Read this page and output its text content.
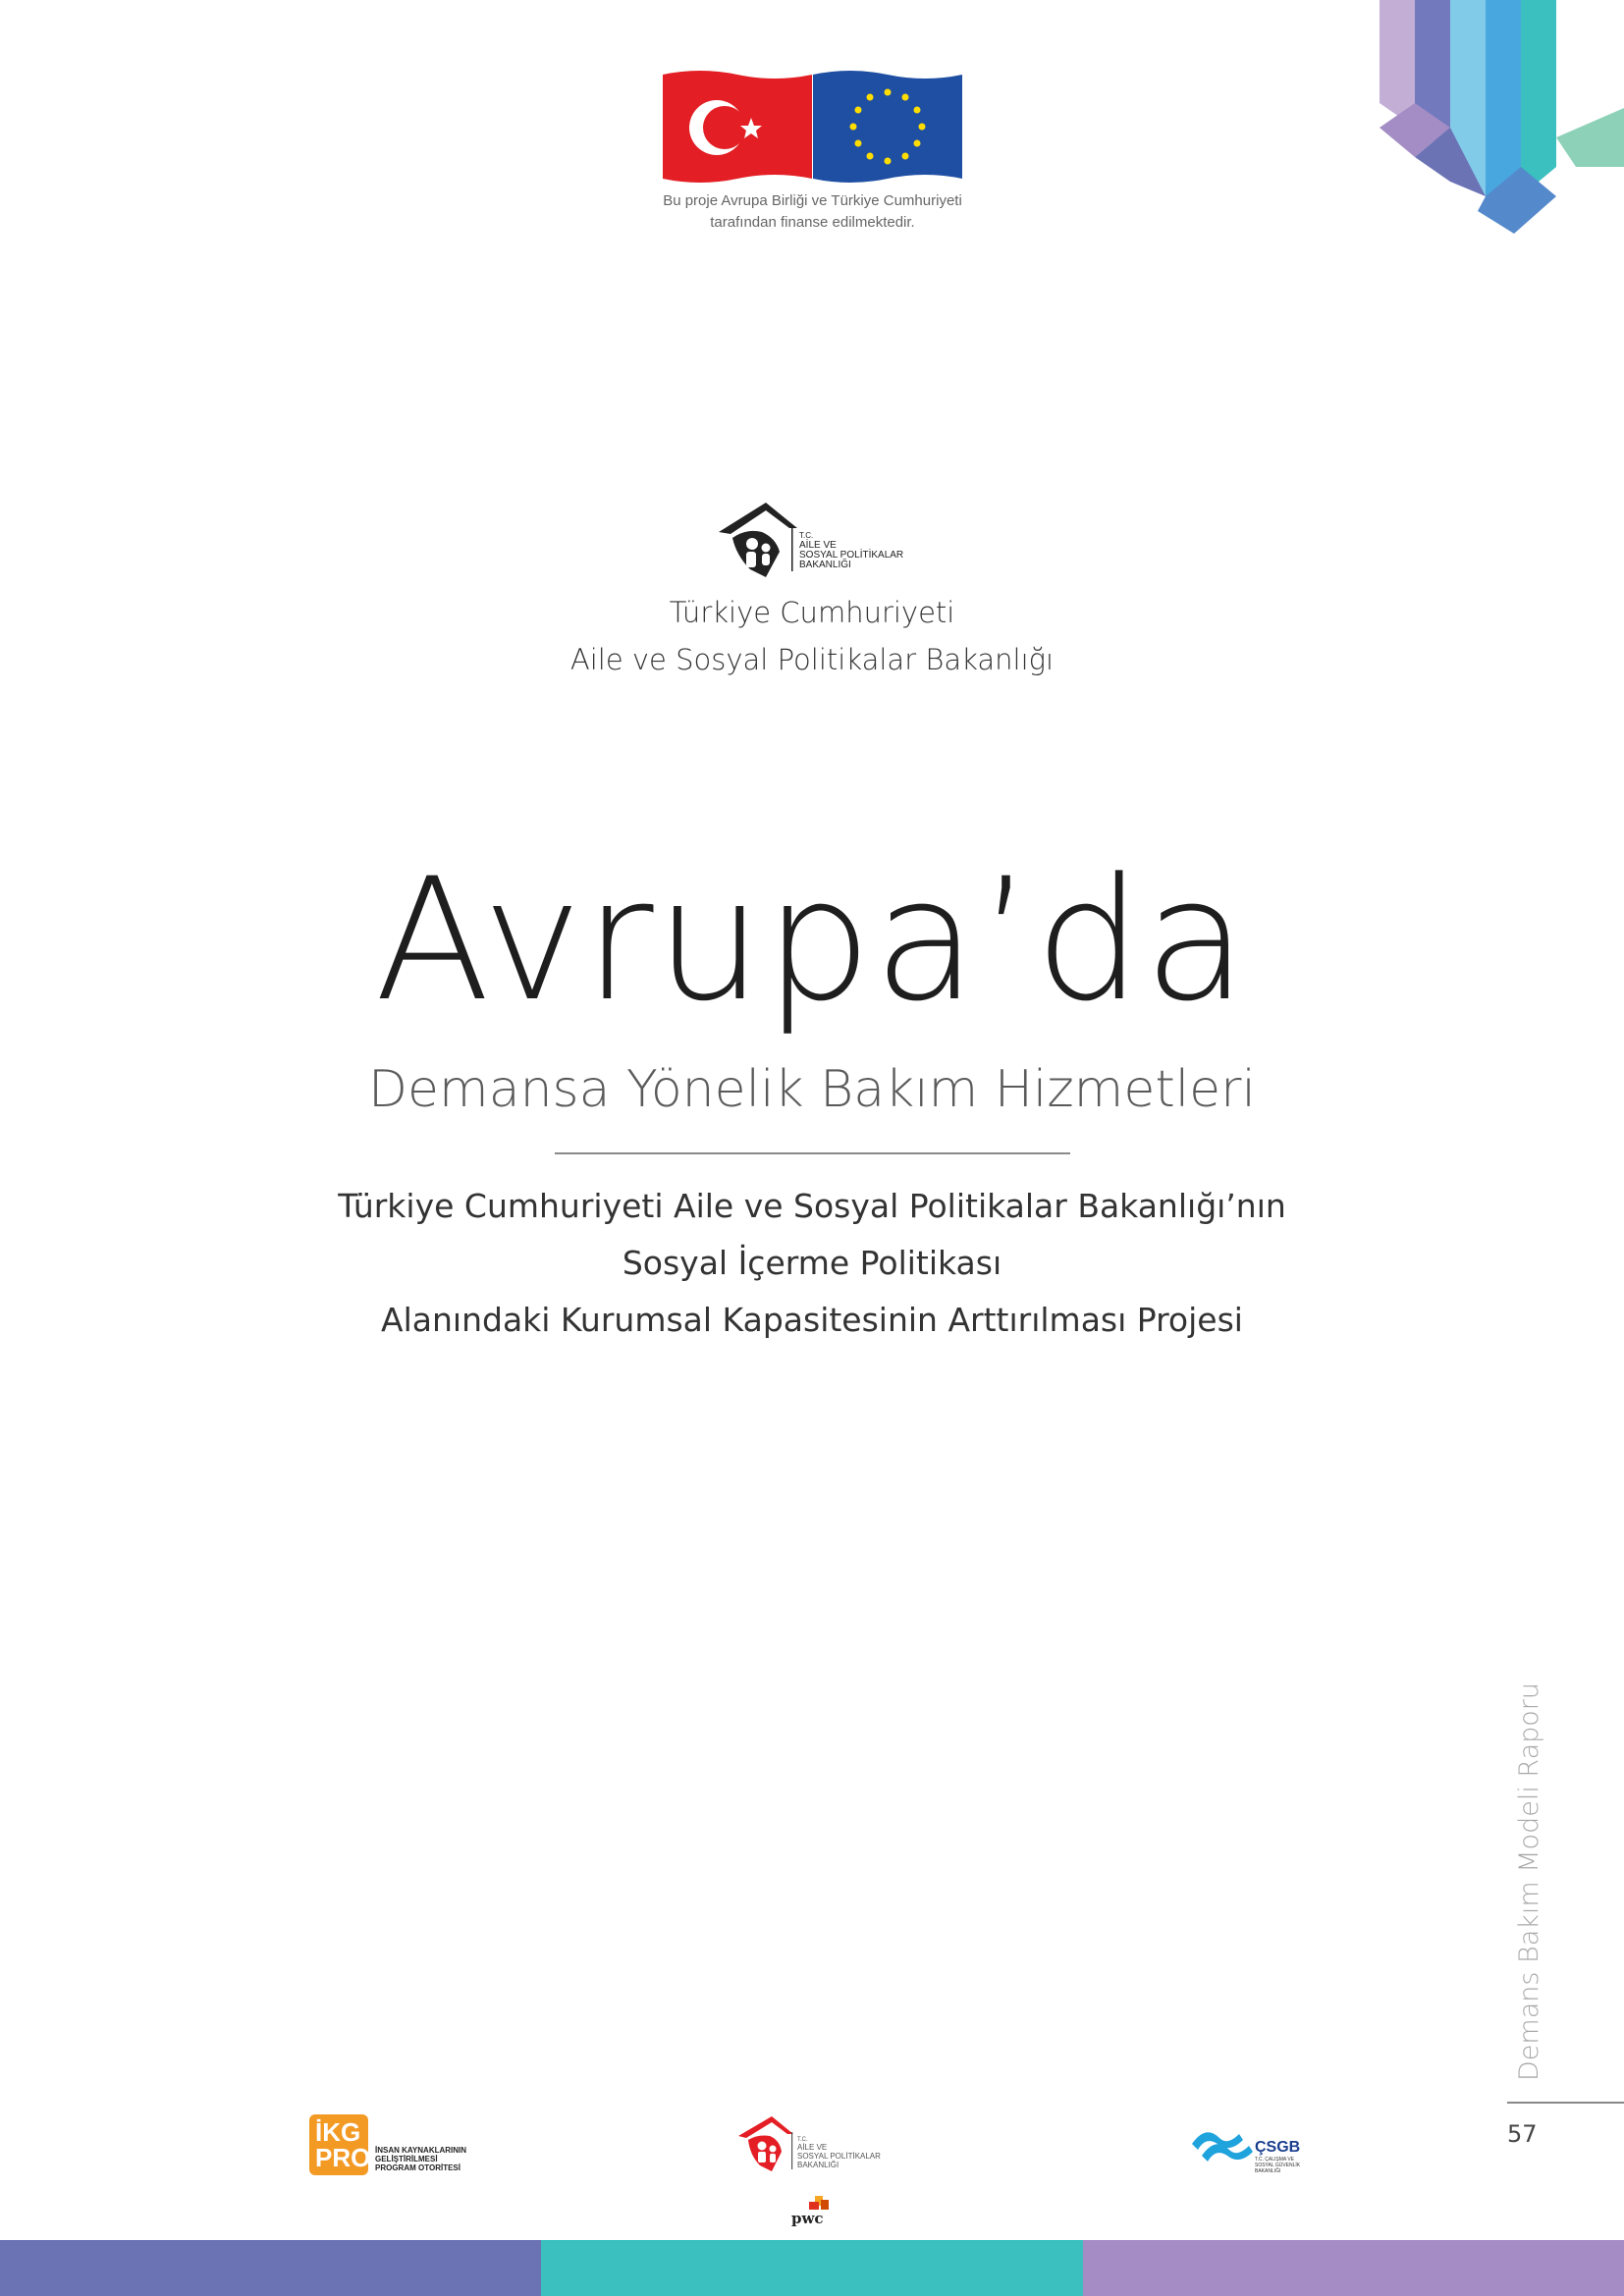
Bu proje Avrupa Birliği ve Türkiye Cumhuriyeti
tarafından finanse edilmektedir.
T.C.
AİLE VE
SOSYAL POLİTİKALAR
BAKANLIĞI
Türkiye Cumhuriyeti
Aile ve Sosyal Politikalar Bakanlığı
Avrupa’da
Demansa Yönelik Bakım Hizmetleri
Türkiye Cumhuriyeti Aile ve Sosyal Politikalar Bakanlığı’nın
Sosyal İçerme Politikası
Alanındaki Kurumsal Kapasitesinin Arttırılması Projesi
Demans Bakım Modeli Raporu
57
İKG
PRO İNSAN KAYNAKLARININ
GELİŞTİRİLMESİ
PROGRAM OTORİTESİ
T.C.
AİLE VE
SOSYAL POLİTİKALAR
BAKANLIĞI
pwc
ÇSGB
T.C. ÇALIŞMA VE
SOSYAL GÜVENLİK
BAKANLIĞI
